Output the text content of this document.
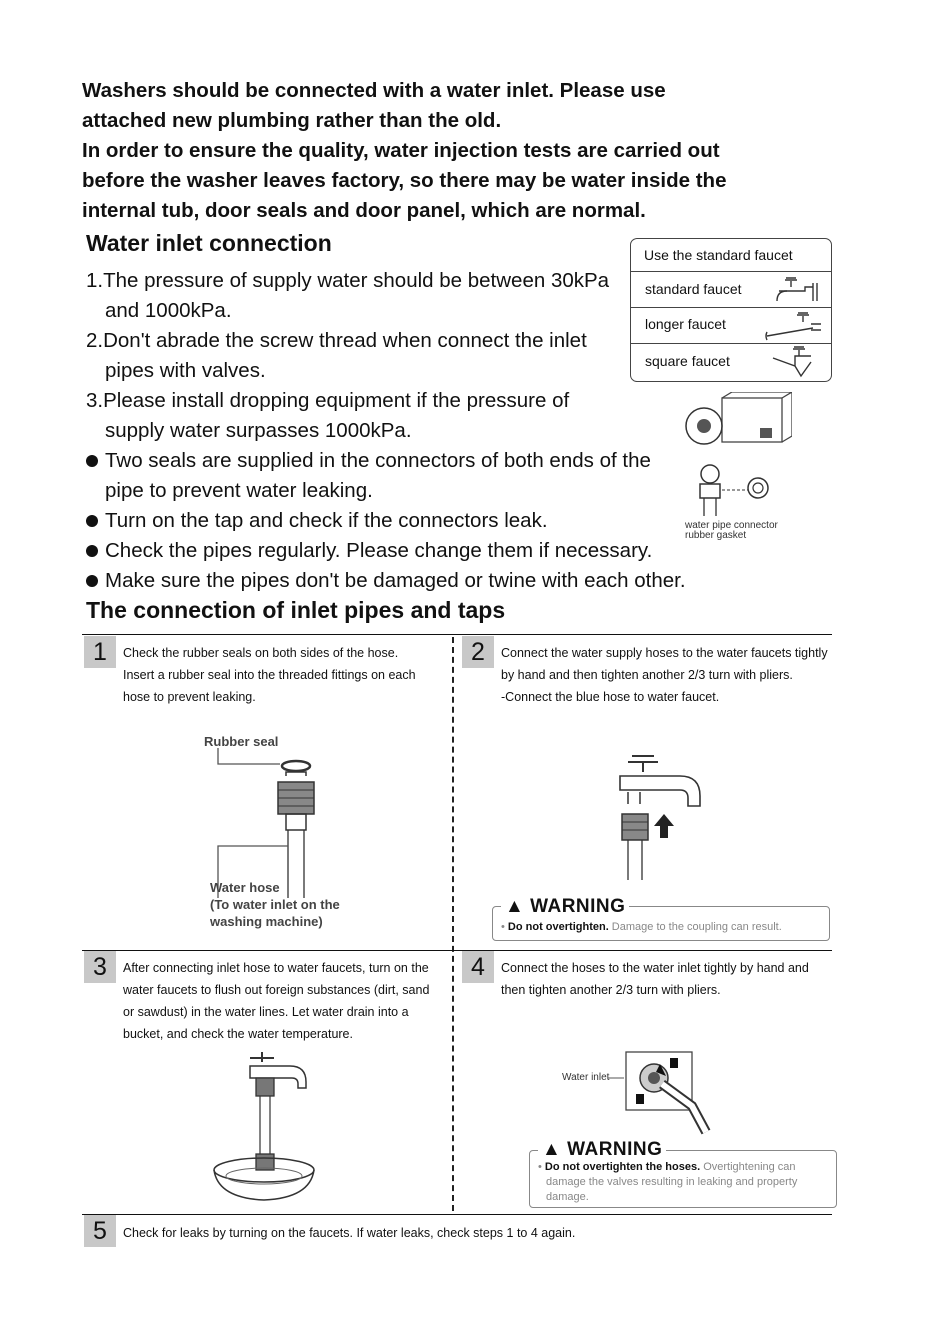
Washers should be connected with a water inlet. Please use
attached new plumbing rather than the old.
In order to ensure the quality, water injection tests are carried out
before the washer leaves factory, so there may be water inside the
internal tub, door seals and door panel, which are normal.
Water inlet connection
1.The pressure of supply water should be between 30kPa and 1000kPa.
2.Don't abrade the screw thread when connect the inlet pipes with valves.
3.Please install dropping equipment if the pressure of supply water surpasses 1000kPa.
Two seals are supplied in the connectors of both ends of the pipe to prevent water leaking.
Turn on the tap and check if the connectors leak.
Check the pipes regularly. Please change them if necessary.
Make sure the pipes don't be damaged or twine with each other.
Use the standard faucet
standard faucet
longer faucet
square faucet
water pipe connector
rubber gasket
The connection of inlet pipes and taps
1	Check the rubber seals on both sides of the hose.
Insert a rubber seal into the threaded fittings on each
hose to prevent leaking.
Rubber seal
Water hose
(To water inlet on the
washing machine)
2	Connect the water supply hoses to the water faucets tightly
by hand and then tighten another 2/3 turn with pliers.
-Connect the blue hose to water faucet.
▲ WARNING
• Do not overtighten. Damage to the coupling can result.
3	After connecting inlet hose to water faucets, turn on the
water faucets to flush out foreign substances (dirt, sand
or sawdust) in the water lines. Let water drain into a
bucket, and check the water temperature.
4	Connect the hoses to the water inlet tightly by hand and
then tighten another 2/3 turn with pliers.
Water inlet
▲ WARNING
• Do not overtighten the hoses. Overtightening can
damage the valves resulting in leaking and property
damage.
5	Check for leaks by turning on the faucets. If water leaks, check steps 1 to 4 again.
